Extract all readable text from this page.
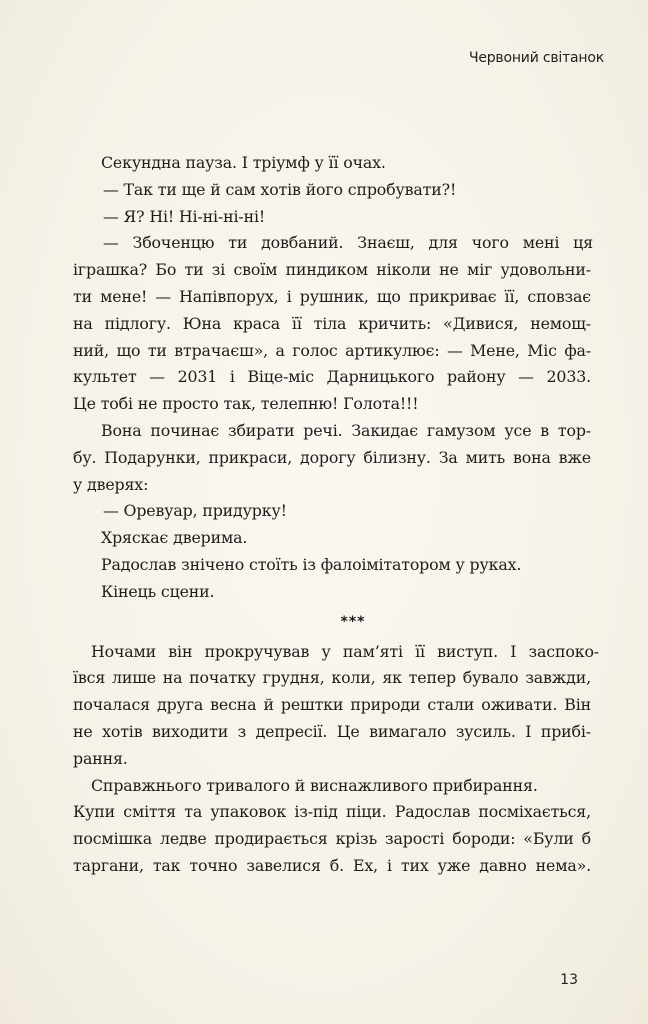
Червоний світанок
Секундна пауза. І тріумф у її очах.
— Так ти ще й сам хотів його спробувати?!
— Я? Ні! Ні-ні-ні-ні!
— Збоченцю ти довбаний. Знаєш, для чого мені ця
іграшка? Бо ти зі своїм пиндиком ніколи не міг удовольни-
ти мене! — Напівпорух, і рушник, що прикриває її, сповзає
на підлогу. Юна краса її тіла кричить: «Дивися, немощ-
ний, що ти втрачаєш», а голос артикулює: — Мене, Міс фа-
культет — 2031 і Віце-міс Дарницького району — 2033.
Це тобі не просто так, телепню! Голота!!!
Вона починає збирати речі. Закидає гамузом усе в тор-
бу. Подарунки, прикраси, дорогу білизну. За мить вона вже
у дверях:
— Оревуар, придурку!
Хряскає дверима.
Радослав знічено стоїть із фалоімітатором у руках.
Кінець сцени.
***
Ночами він прокручував у пам’яті її виступ. І заспоко-
ївся лише на початку грудня, коли, як тепер бувало завжди,
почалася друга весна й рештки природи стали оживати. Він
не хотів виходити з депресії. Це вимагало зусиль. І прибі-
рання.
Справжнього тривалого й виснажливого прибирання.
Купи сміття та упаковок із-під піци. Радослав посміхається,
посмішка ледве продирається крізь зарості бороди: «Були б
таргани, так точно завелися б. Ех, і тих уже давно нема».
13
